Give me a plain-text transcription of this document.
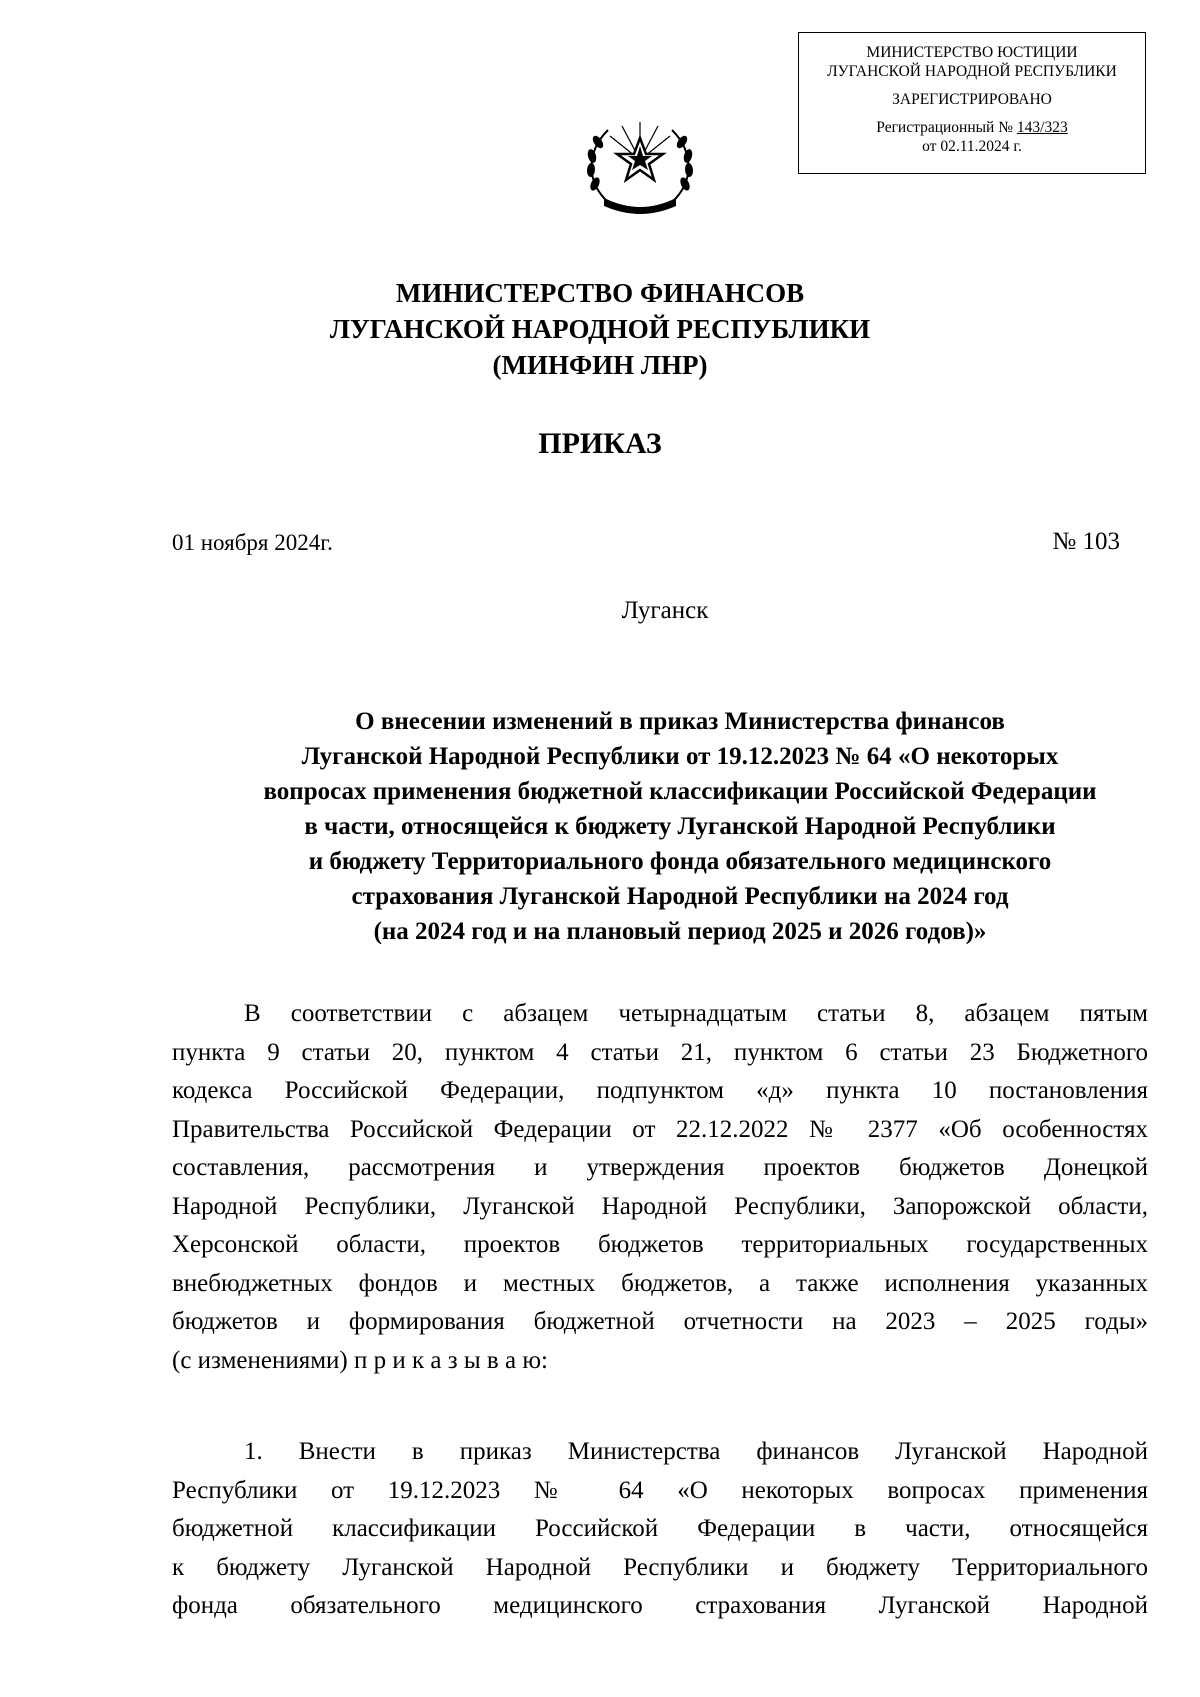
МИНИСТЕРСТВО ЮСТИЦИИ
ЛУГАНСКОЙ НАРОДНОЙ РЕСПУБЛИКИ
ЗАРЕГИСТРИРОВАНО
Регистрационный № 143/323
от 02.11.2024 г.
МИНИСТЕРСТВО ФИНАНСОВ
ЛУГАНСКОЙ НАРОДНОЙ РЕСПУБЛИКИ
(МИНФИН ЛНР)
ПРИКАЗ
01 ноября 2024г.	№ 103
Луганск
О внесении изменений в приказ Министерства финансов
Луганской Народной Республики от 19.12.2023 № 64 «О некоторых
вопросах применения бюджетной классификации Российской Федерации
в части, относящейся к бюджету Луганской Народной Республики
и бюджету Территориального фонда обязательного медицинского
страхования Луганской Народной Республики на 2024 год
(на 2024 год и на плановый период 2025 и 2026 годов)»
В соответствии с абзацем четырнадцатым статьи 8, абзацем пятым
пункта 9 статьи 20, пунктом 4 статьи 21, пунктом 6 статьи 23 Бюджетного
кодекса Российской Федерации, подпунктом «д» пункта 10 постановления
Правительства Российской Федерации от 22.12.2022 № 2377 «Об особенностях
составления, рассмотрения и утверждения проектов бюджетов Донецкой
Народной Республики, Луганской Народной Республики, Запорожской области,
Херсонской области, проектов бюджетов территориальных государственных
внебюджетных фондов и местных бюджетов, а также исполнения указанных
бюджетов и формирования бюджетной отчетности на 2023 – 2025 годы»
(с изменениями) п р и к а з ы в а ю:
1. Внести в приказ Министерства финансов Луганской Народной
Республики от 19.12.2023 № 64 «О некоторых вопросах применения
бюджетной классификации Российской Федерации в части, относящейся
к бюджету Луганской Народной Республики и бюджету Территориального
фонда обязательного медицинского страхования Луганской Народной
